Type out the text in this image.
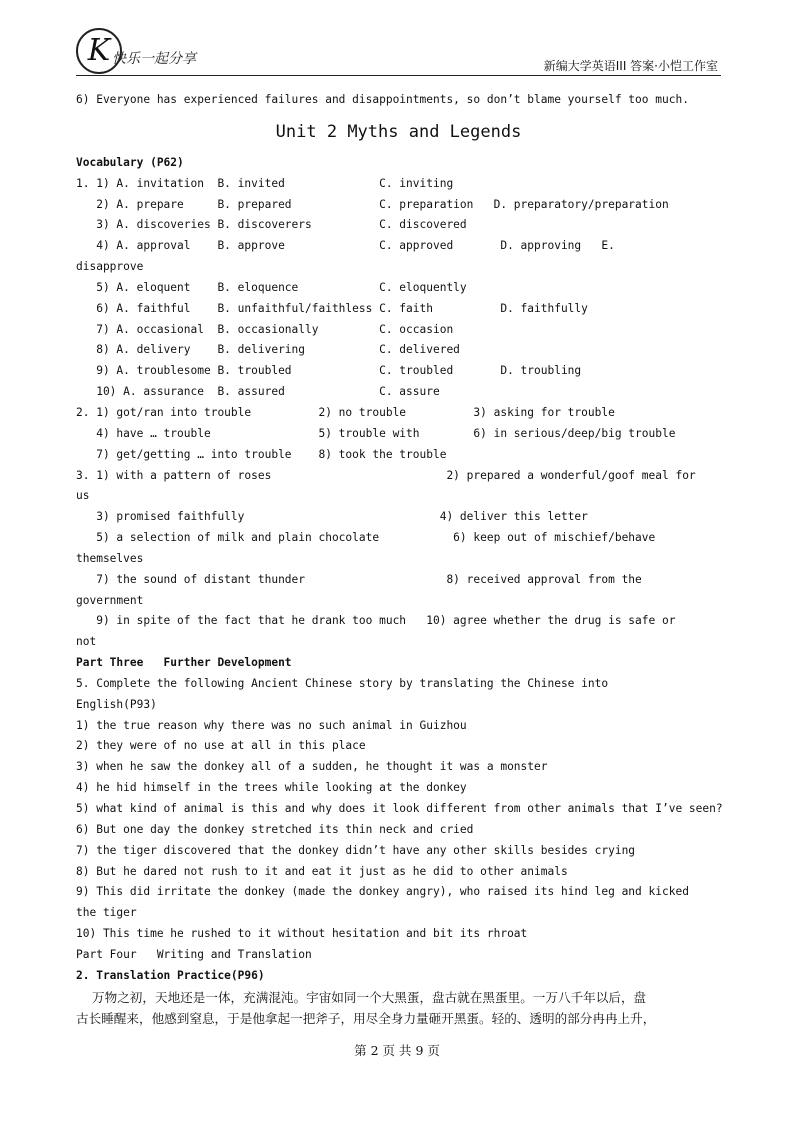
K 快乐一起分享	新编大学英语III 答案·小恺工作室
6) Everyone has experienced failures and disappointments, so don’t blame yourself too much.
Unit 2 Myths and Legends
Vocabulary (P62)
1. 1) A. invitation  B. invited              C. inviting
2) A. prepare     B. prepared             C. preparation   D. preparatory/preparation
3) A. discoveries B. discoverers          C. discovered
4) A. approval    B. approve              C. approved       D. approving   E.
disapprove
5) A. eloquent    B. eloquence            C. eloquently
6) A. faithful    B. unfaithful/faithless C. faith          D. faithfully
7) A. occasional  B. occasionally         C. occasion
8) A. delivery    B. delivering           C. delivered
9) A. troublesome B. troubled             C. troubled       D. troubling
10) A. assurance  B. assured              C. assure
2. 1) got/ran into trouble          2) no trouble          3) asking for trouble
4) have … trouble                5) trouble with        6) in serious/deep/big trouble
7) get/getting … into trouble    8) took the trouble
3. 1) with a pattern of roses                          2) prepared a wonderful/goof meal for
us
3) promised faithfully                             4) deliver this letter
5) a selection of milk and plain chocolate           6) keep out of mischief/behave
themselves
7) the sound of distant thunder                     8) received approval from the
government
9) in spite of the fact that he drank too much   10) agree whether the drug is safe or
not
Part Three   Further Development
5. Complete the following Ancient Chinese story by translating the Chinese into
English(P93)
1) the true reason why there was no such animal in Guizhou
2) they were of no use at all in this place
3) when he saw the donkey all of a sudden, he thought it was a monster
4) he hid himself in the trees while looking at the donkey
5) what kind of animal is this and why does it look different from other animals that I’ve seen?
6) But one day the donkey stretched its thin neck and cried
7) the tiger discovered that the donkey didn’t have any other skills besides crying
8) But he dared not rush to it and eat it just as he did to other animals
9) This did irritate the donkey (made the donkey angry), who raised its hind leg and kicked
the tiger
10) This time he rushed to it without hesitation and bit its rhroat
Part Four   Writing and Translation
2. Translation Practice(P96)
万物之初，天地还是一体，充满混沌。宇宙如同一个大黑蛋，盘古就在黑蛋里。一万八千年以后，盘
古长睡醒来，他感到窒息，于是他拿起一把斧子，用尽全身力量砸开黑蛋。轻的、透明的部分冉冉上升，
第 2 页 共 9 页
